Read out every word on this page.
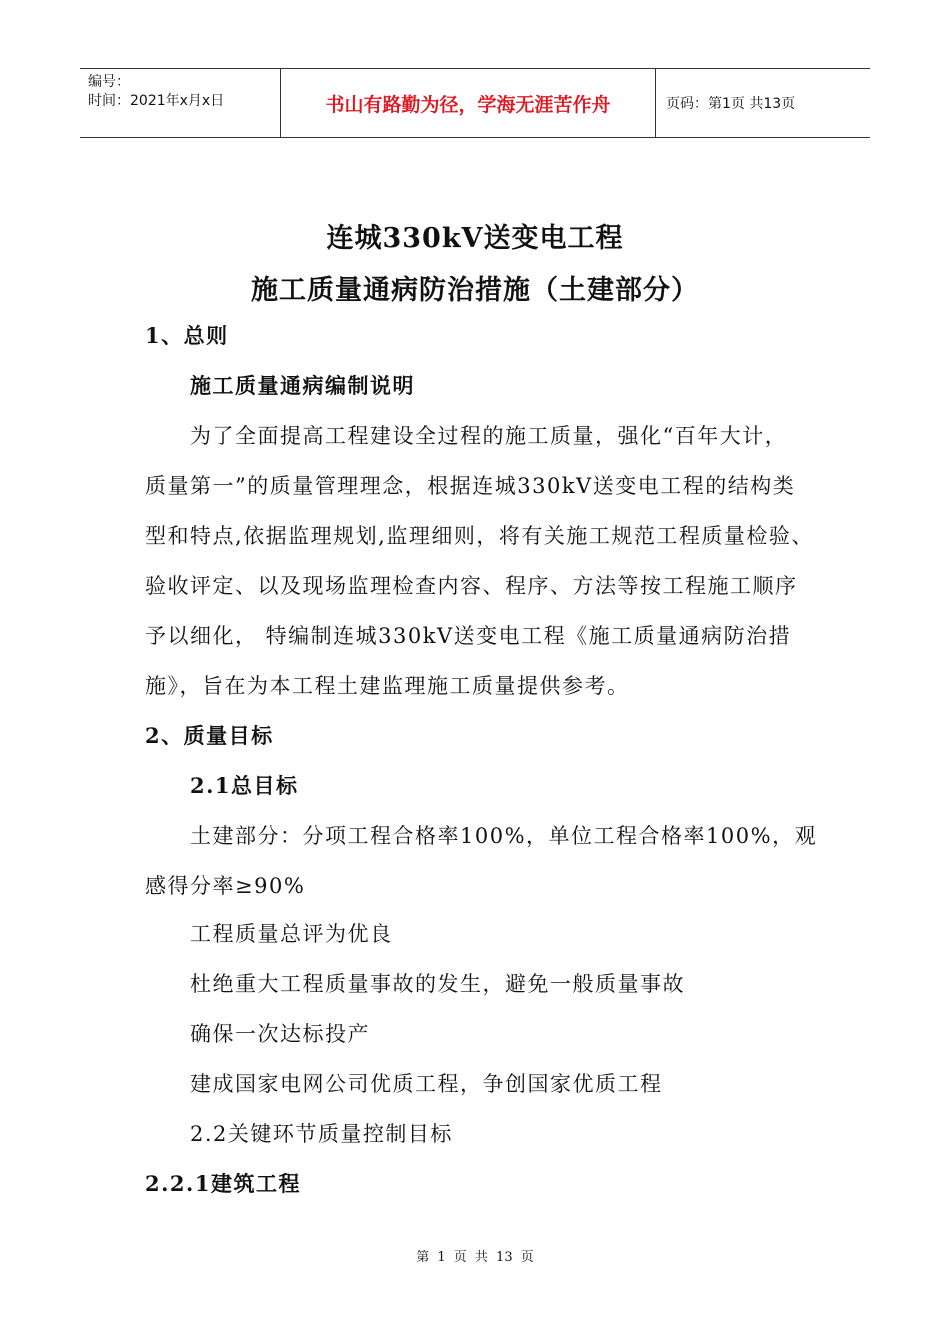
编号：
时间：2021年x月x日	书山有路勤为径，学海无涯苦作舟	页码：第1页 共13页
连城330kV送变电工程
施工质量通病防治措施（土建部分）
1、总则
施工质量通病编制说明
为了全面提高工程建设全过程的施工质量，强化“百年大计，
质量第一”的质量管理理念，根据连城330kV送变电工程的结构类
型和特点,依据监理规划,监理细则，将有关施工规范工程质量检验、
验收评定、以及现场监理检查内容、程序、方法等按工程施工顺序
予以细化， 特编制连城330kV送变电工程《施工质量通病防治措
施》，旨在为本工程土建监理施工质量提供参考。
2、质量目标
2.1总目标
土建部分：分项工程合格率100%，单位工程合格率100%，观
感得分率≥90%
工程质量总评为优良
杜绝重大工程质量事故的发生，避免一般质量事故
确保一次达标投产
建成国家电网公司优质工程，争创国家优质工程
2.2关键环节质量控制目标
2.2.1建筑工程
第 1 页 共 13 页
